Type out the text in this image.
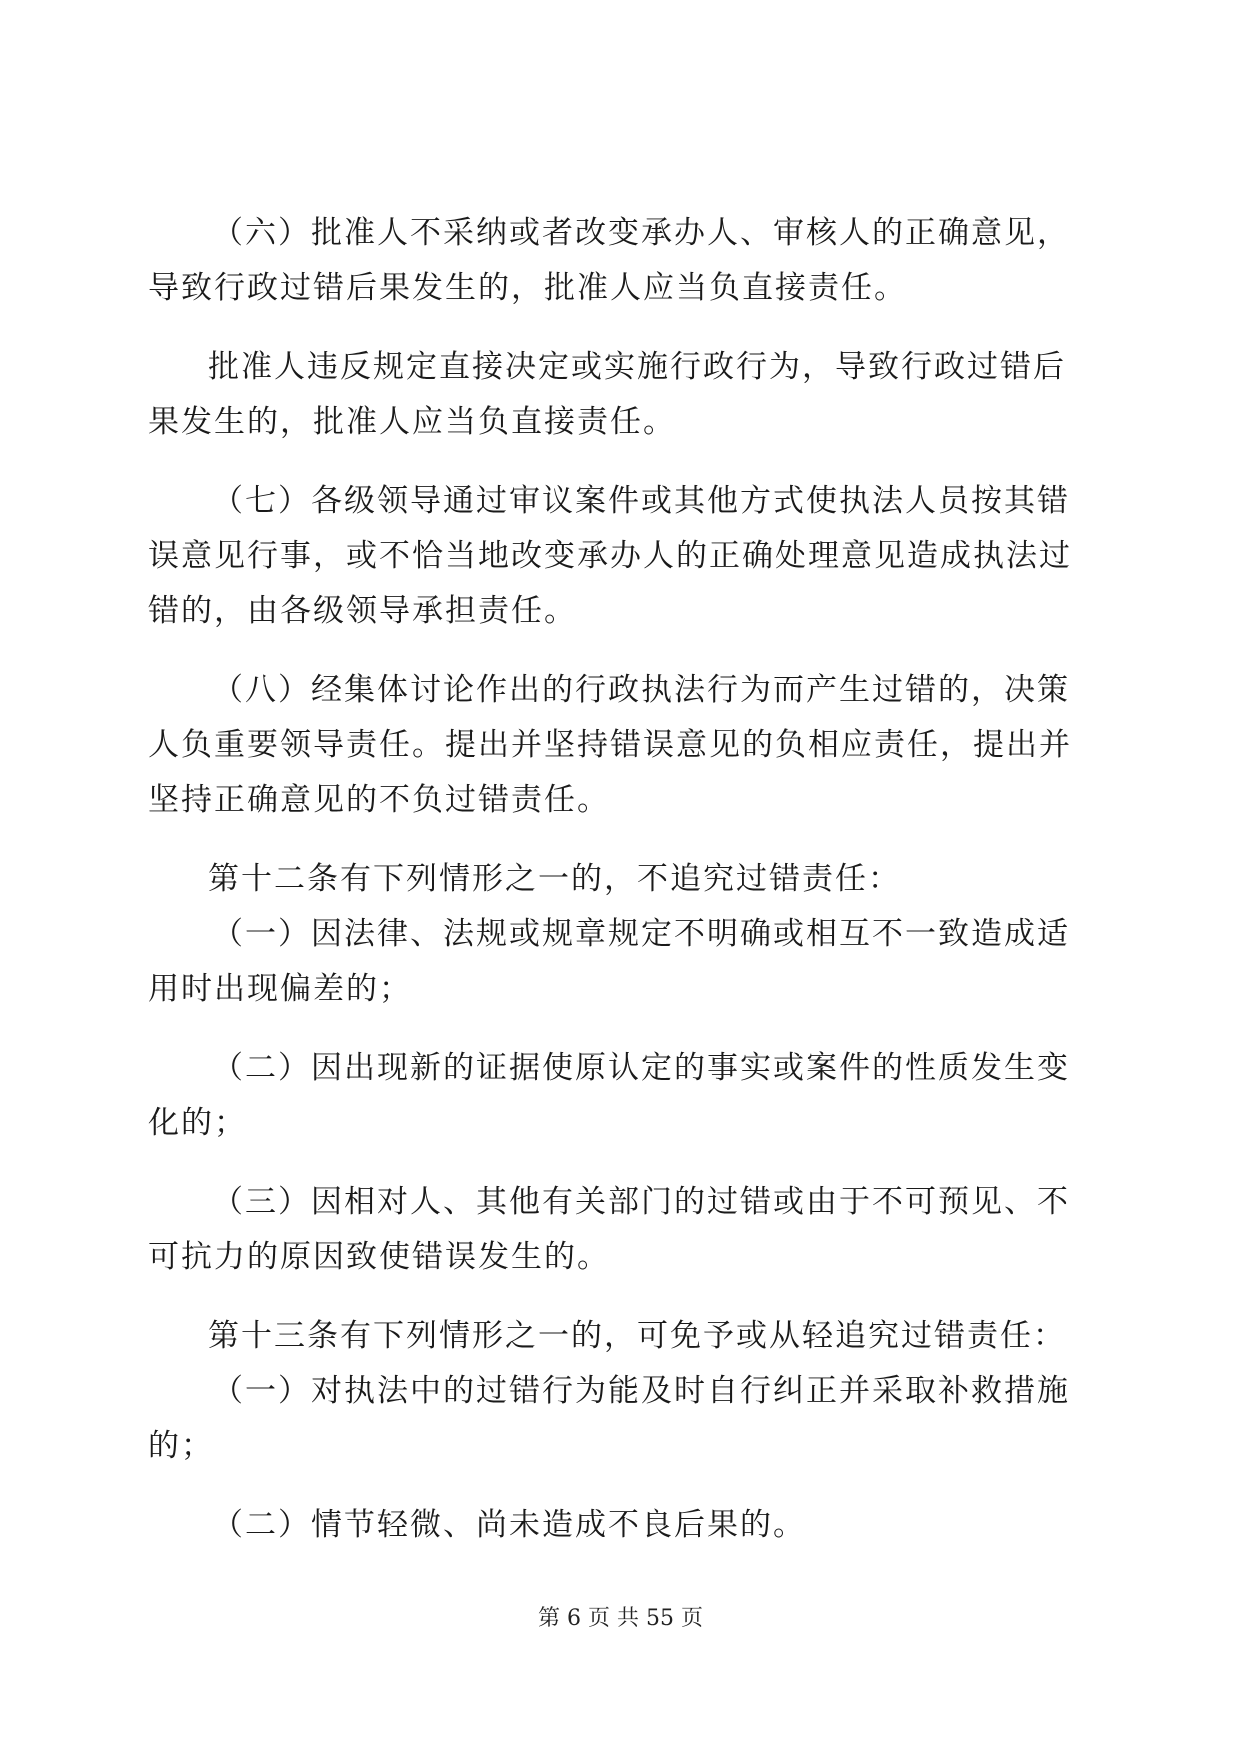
（六）批准人不采纳或者改变承办人、审核人的正确意见，
导致行政过错后果发生的，批准人应当负直接责任。
批准人违反规定直接决定或实施行政行为，导致行政过错后
果发生的，批准人应当负直接责任。
（七）各级领导通过审议案件或其他方式使执法人员按其错
误意见行事，或不恰当地改变承办人的正确处理意见造成执法过
错的，由各级领导承担责任。
（八）经集体讨论作出的行政执法行为而产生过错的，决策
人负重要领导责任。提出并坚持错误意见的负相应责任，提出并
坚持正确意见的不负过错责任。
第十二条有下列情形之一的，不追究过错责任：
（一）因法律、法规或规章规定不明确或相互不一致造成适
用时出现偏差的；
（二）因出现新的证据使原认定的事实或案件的性质发生变
化的；
（三）因相对人、其他有关部门的过错或由于不可预见、不
可抗力的原因致使错误发生的。
第十三条有下列情形之一的，可免予或从轻追究过错责任：
（一）对执法中的过错行为能及时自行纠正并采取补救措施
的；
（二）情节轻微、尚未造成不良后果的。
第 6 页 共 55 页
